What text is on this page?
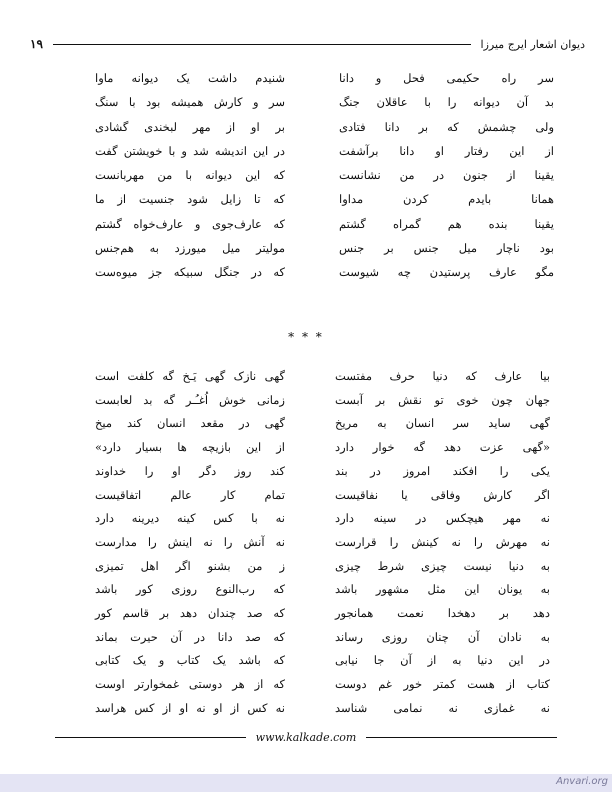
دیوان اشعار ایرج میرزا
۱۹
سر راه حکیمی فحل و دانا
بد آن دیوانه را با عاقلان جنگ
ولی چشمش که بر دانا فتادی
از این رفتار او دانا برآشفت
یقینا از جنون در من نشانست
همانا بایدم کردن مداوا
یقینا بنده هم گمراه گشتم
بود ناچار میل جنس بر جنس
مگو عارف پرستیدن چه شیوست
شنیدم داشت یک دیوانه ماوا
سر و کارش همیشه بود با سنگ
بر او از مهر لبخندی گشادی
در این اندیشه شد و با خویشتن گفت
که این دیوانه با من مهربانست
که تا زایل شود جنسیت از ما
که عارف‌جوی و عارف‌خواه گشتم
مولیتر میل میورزد به هم‌جنس
که در جنگل سبیکه جز میوه‌ست
* * *
بیا عارف که دنیا حرف مفتست
جهان چون خوی تو نقش بر آبست
گهی ساید سر انسان به مریخ
«گهی عزت دهد گه خوار دارد
یکی را افکند امروز در بند
اگر کارش وفاقی یا نفاقیست
نه مهر هیچکس در سینه دارد
نه مهرش را نه کینش را قرارست
به دنیا نیست چیزی شرط چیزی
به یونان این مثل مشهور باشد
دهد بر دهخدا نعمت همانجور
به نادان آن چنان روزی رساند
در این دنیا به از آن جا نیابی
کتاب از هست کمتر خور غم دوست
نه غمازی نه نمامی شناسد
گهی نازک گهی یَـخ گه کلفت است
زمانی خوش اُغـُـر گه بد لعابست
گهی در مقعد انسان کند میخ
از این بازیچه ها بسیار دارد»
کند روز دگر او را خداوند
تمام کار عالم اتفاقیست
نه با کس کینه دیرینه دارد
نه آنش را نه اینش را مدارست
ز من بشنو اگر اهل تمیزی
که رب‌النوع روزی کور باشد
که صد چندان دهد بر قاسم کور
که صد دانا در آن حیرت بماند
که باشد یک کتاب و یک کتابی
که از هر دوستی غمخوارتر اوست
نه کس از او نه او از کس هراسد
www.kalkade.com
Anvari.org
